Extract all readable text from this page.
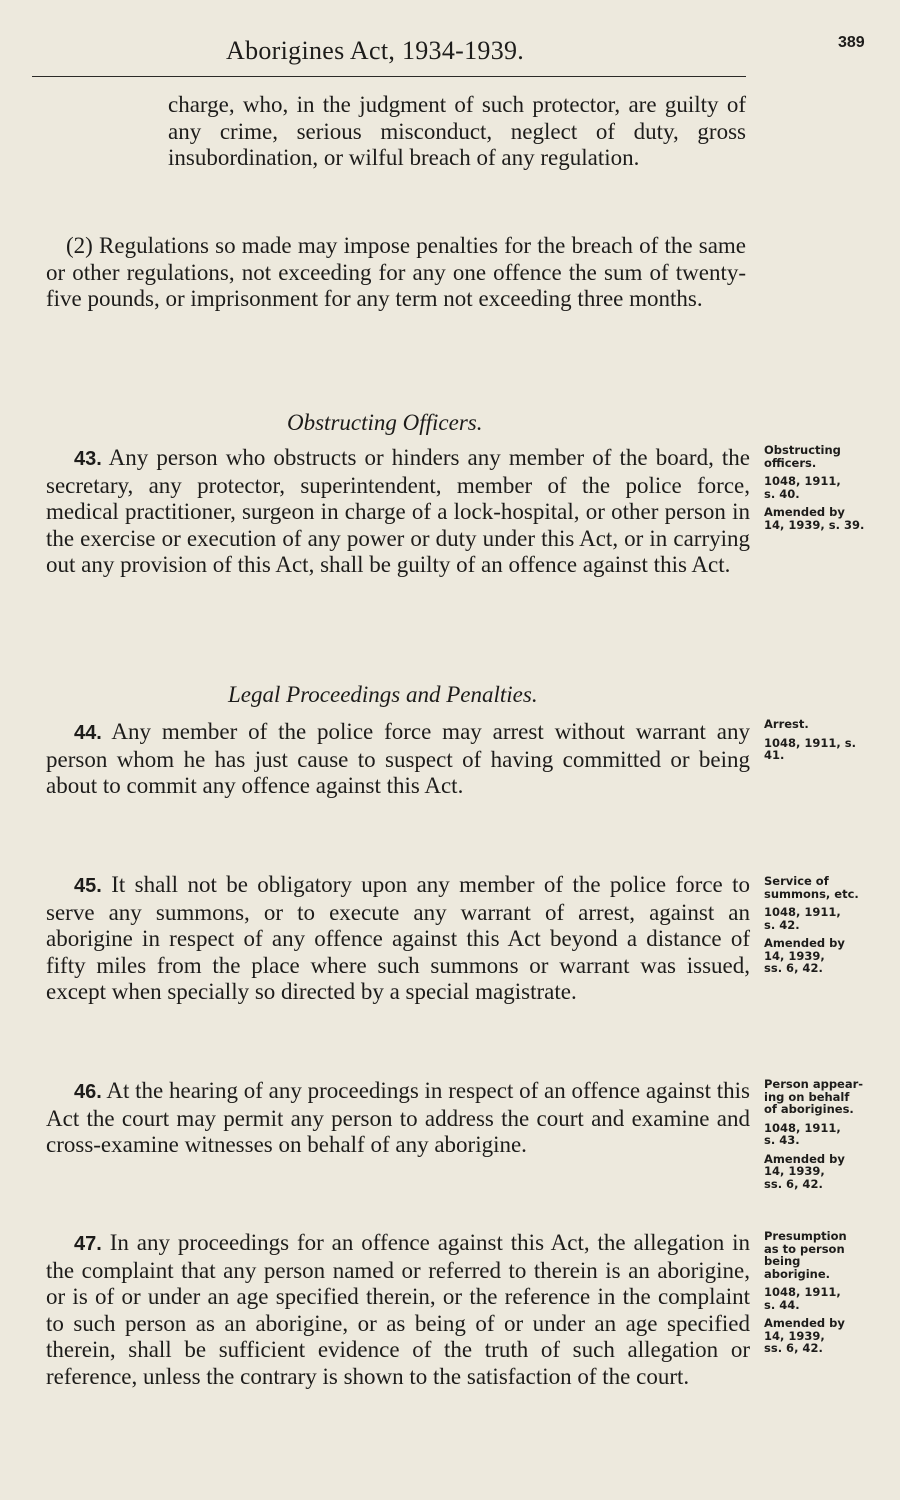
Aborigines Act, 1934-1939.	389

charge, who, in the judgment of such protector, are guilty of any crime, serious misconduct, neglect of duty, gross insubordination, or wilful breach of any regulation.

(2) Regulations so made may impose penalties for the breach of the same or other regulations, not exceeding for any one offence the sum of twenty-five pounds, or imprisonment for any term not exceeding three months.

Obstructing Officers.

43. Any person who obstructs or hinders any member of the board, the secretary, any protector, superintendent, member of the police force, medical practitioner, surgeon in charge of a lock-hospital, or other person in the exercise or execution of any power or duty under this Act, or in carrying out any provision of this Act, shall be guilty of an offence against this Act.

Legal Proceedings and Penalties.

44. Any member of the police force may arrest without warrant any person whom he has just cause to suspect of having committed or being about to commit any offence against this Act.

45. It shall not be obligatory upon any member of the police force to serve any summons, or to execute any warrant of arrest, against an aborigine in respect of any offence against this Act beyond a distance of fifty miles from the place where such summons or warrant was issued, except when specially so directed by a special magistrate.

46. At the hearing of any proceedings in respect of an offence against this Act the court may permit any person to address the court and examine and cross-examine witnesses on behalf of any aborigine.

47. In any proceedings for an offence against this Act, the allegation in the complaint that any person named or referred to therein is an aborigine, or is of or under an age specified therein, or the reference in the complaint to such person as an aborigine, or as being of or under an age specified therein, shall be sufficient evidence of the truth of such allegation or reference, unless the contrary is shown to the satisfaction of the court.

Obstructing
officers.
1048, 1911,
s. 40.
Amended by
14, 1939, s. 39.
Arrest.
1048, 1911, s.
41.
Service of
summons, etc.
1048, 1911,
s. 42.
Amended by
14, 1939,
ss. 6, 42.
Person appear-
ing on behalf
of aborigines.
1048, 1911,
s. 43.
Amended by
14, 1939,
ss. 6, 42.
Presumption
as to person
being
aborigine.
1048, 1911,
s. 44.
Amended by
14, 1939,
ss. 6, 42.
